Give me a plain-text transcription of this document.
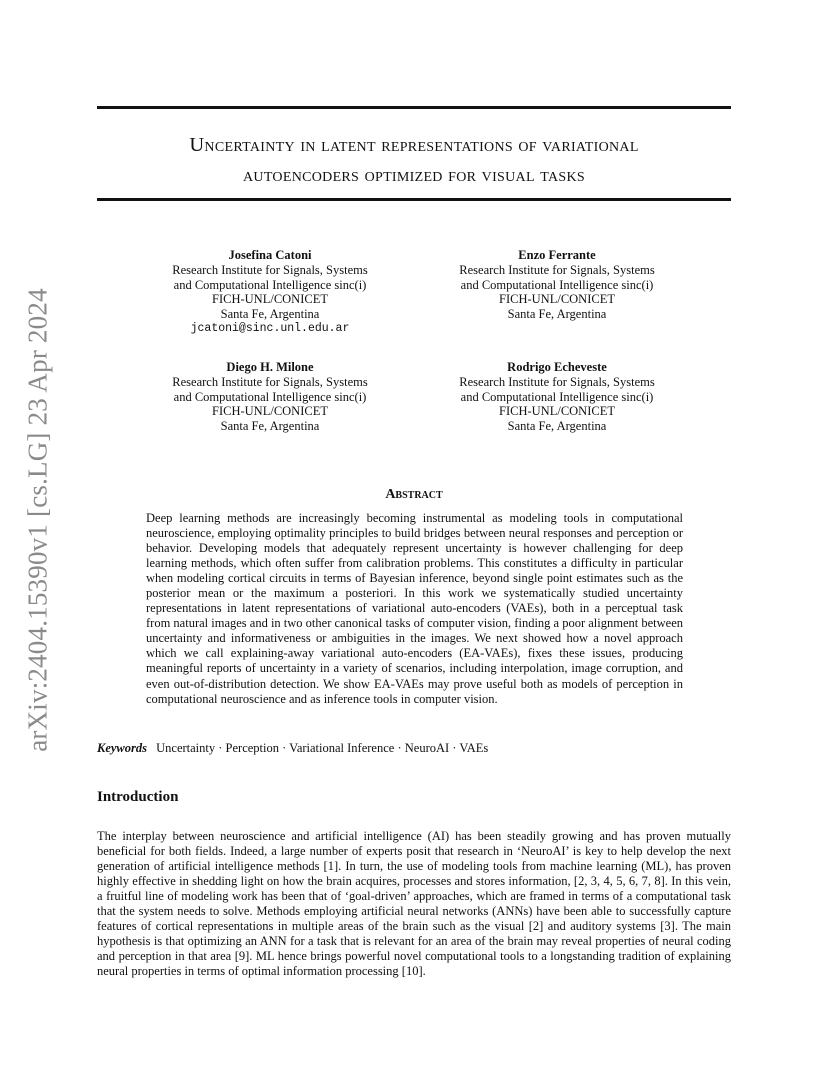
Uncertainty in latent representations of variational
autoencoders optimized for visual tasks
arXiv:2404.15390v1 [cs.LG] 23 Apr 2024
Josefina Catoni
Research Institute for Signals, Systems
and Computational Intelligence sinc(i)
FICH-UNL/CONICET
Santa Fe, Argentina
jcatoni@sinc.unl.edu.ar
Enzo Ferrante
Research Institute for Signals, Systems
and Computational Intelligence sinc(i)
FICH-UNL/CONICET
Santa Fe, Argentina
Diego H. Milone
Research Institute for Signals, Systems
and Computational Intelligence sinc(i)
FICH-UNL/CONICET
Santa Fe, Argentina
Rodrigo Echeveste
Research Institute for Signals, Systems
and Computational Intelligence sinc(i)
FICH-UNL/CONICET
Santa Fe, Argentina
Abstract
Deep learning methods are increasingly becoming instrumental as modeling tools in computational neuroscience, employing optimality principles to build bridges between neural responses and perception or behavior. Developing models that adequately represent uncertainty is however challenging for deep learning methods, which often suffer from calibration problems. This constitutes a difficulty in particular when modeling cortical circuits in terms of Bayesian inference, beyond single point estimates such as the posterior mean or the maximum a posteriori. In this work we systematically studied uncertainty representations in latent representations of variational auto-encoders (VAEs), both in a perceptual task from natural images and in two other canonical tasks of computer vision, finding a poor alignment between uncertainty and informativeness or ambiguities in the images. We next showed how a novel approach which we call explaining-away variational auto-encoders (EA-VAEs), fixes these issues, producing meaningful reports of uncertainty in a variety of scenarios, including interpolation, image corruption, and even out-of-distribution detection. We show EA-VAEs may prove useful both as models of perception in computational neuroscience and as inference tools in computer vision.
Keywords Uncertainty · Perception · Variational Inference · NeuroAI · VAEs
Introduction
The interplay between neuroscience and artificial intelligence (AI) has been steadily growing and has proven mutually beneficial for both fields. Indeed, a large number of experts posit that research in ‘NeuroAI’ is key to help develop the next generation of artificial intelligence methods [1]. In turn, the use of modeling tools from machine learning (ML), has proven highly effective in shedding light on how the brain acquires, processes and stores information, [2, 3, 4, 5, 6, 7, 8]. In this vein, a fruitful line of modeling work has been that of ‘goal-driven’ approaches, which are framed in terms of a computational task that the system needs to solve. Methods employing artificial neural networks (ANNs) have been able to successfully capture features of cortical representations in multiple areas of the brain such as the visual [2] and auditory systems [3]. The main hypothesis is that optimizing an ANN for a task that is relevant for an area of the brain may reveal properties of neural coding and perception in that area [9]. ML hence brings powerful novel computational tools to a longstanding tradition of explaining neural properties in terms of optimal information processing [10].
